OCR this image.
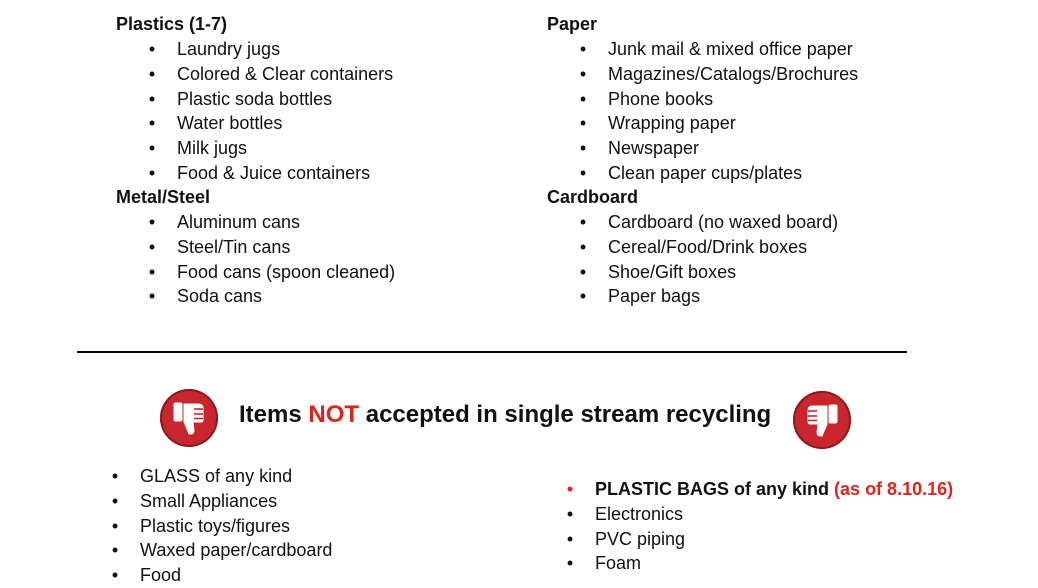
Plastics (1-7)
• Laundry jugs
• Colored & Clear containers
• Plastic soda bottles
• Water bottles
• Milk jugs
• Food & Juice containers
Metal/Steel
• Aluminum cans
• Steel/Tin cans
• Food cans (spoon cleaned)
• Soda cans
Paper
• Junk mail & mixed office paper
• Magazines/Catalogs/Brochures
• Phone books
• Wrapping paper
• Newspaper
• Clean paper cups/plates
Cardboard
• Cardboard (no waxed board)
• Cereal/Food/Drink boxes
• Shoe/Gift boxes
• Paper bags
Items NOT accepted in single stream recycling
• GLASS of any kind
• Small Appliances
• Plastic toys/figures
• Waxed paper/cardboard
• Food
• PLASTIC BAGS of any kind (as of 8.10.16)
• Electronics
• PVC piping
• Foam
